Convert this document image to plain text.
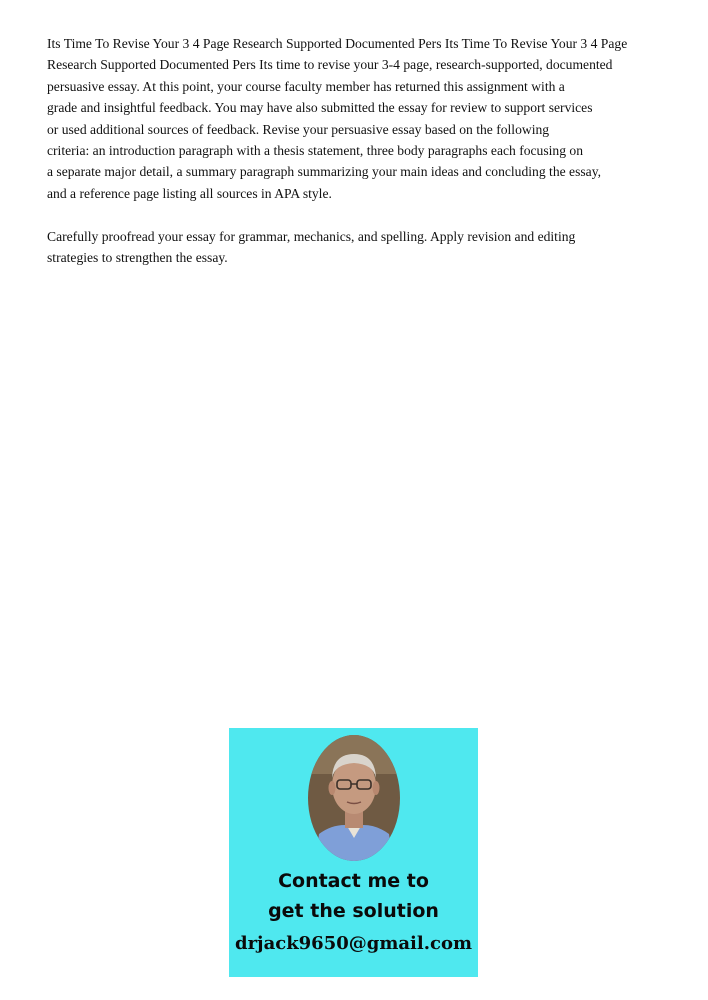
Its Time To Revise Your 3 4 Page Research Supported Documented Pers Its Time To Revise Your 3 4 Page
Research Supported Documented Pers Its time to revise your 3-4 page, research-supported, documented
persuasive essay. At this point, your course faculty member has returned this assignment with a
grade and insightful feedback. You may have also submitted the essay for review to support services
or used additional sources of feedback. Revise your persuasive essay based on the following
criteria: an introduction paragraph with a thesis statement, three body paragraphs each focusing on
a separate major detail, a summary paragraph summarizing your main ideas and concluding the essay,
and a reference page listing all sources in APA style.

Carefully proofread your essay for grammar, mechanics, and spelling. Apply revision and editing
strategies to strengthen the essay.

Contact me to
get the solution

drjack9650@gmail.com
